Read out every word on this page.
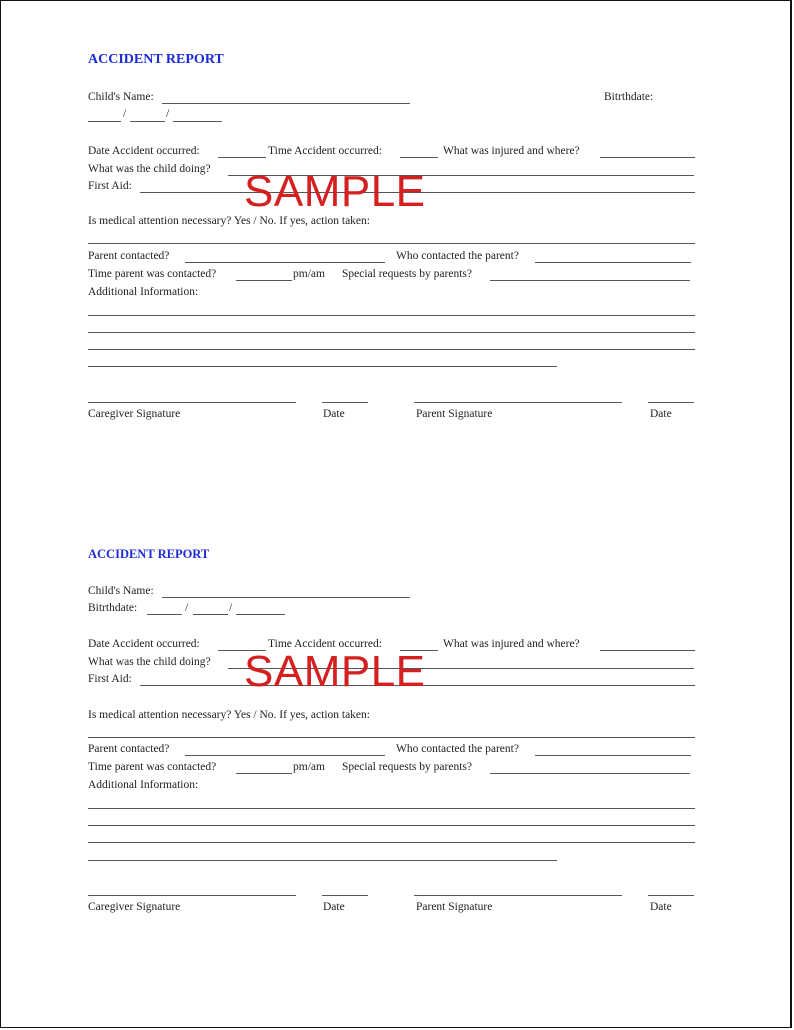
ACCIDENT REPORT
Child's Name:	Bitrthdate:
/	/
Date Accident occurred:	Time Accident occurred:	What was injured and where?
What was the child doing?
First Aid:	SAMPLE
Is medical attention necessary? Yes / No. If yes, action taken:
Parent contacted?	Who contacted the parent?
Time parent was contacted?	pm/am Special requests by parents?
Additional Information:
Caregiver Signature	Date	Parent Signature	Date
ACCIDENT REPORT
Child's Name:
Bitrthdate:	/	/
Date Accident occurred:	Time Accident occurred:	What was injured and where?
What was the child doing?
First Aid:	SAMPLE
Is medical attention necessary? Yes / No. If yes, action taken:
Parent contacted?	Who contacted the parent?
Time parent was contacted?	pm/am Special requests by parents?
Additional Information:
Caregiver Signature	Date	Parent Signature	Date
